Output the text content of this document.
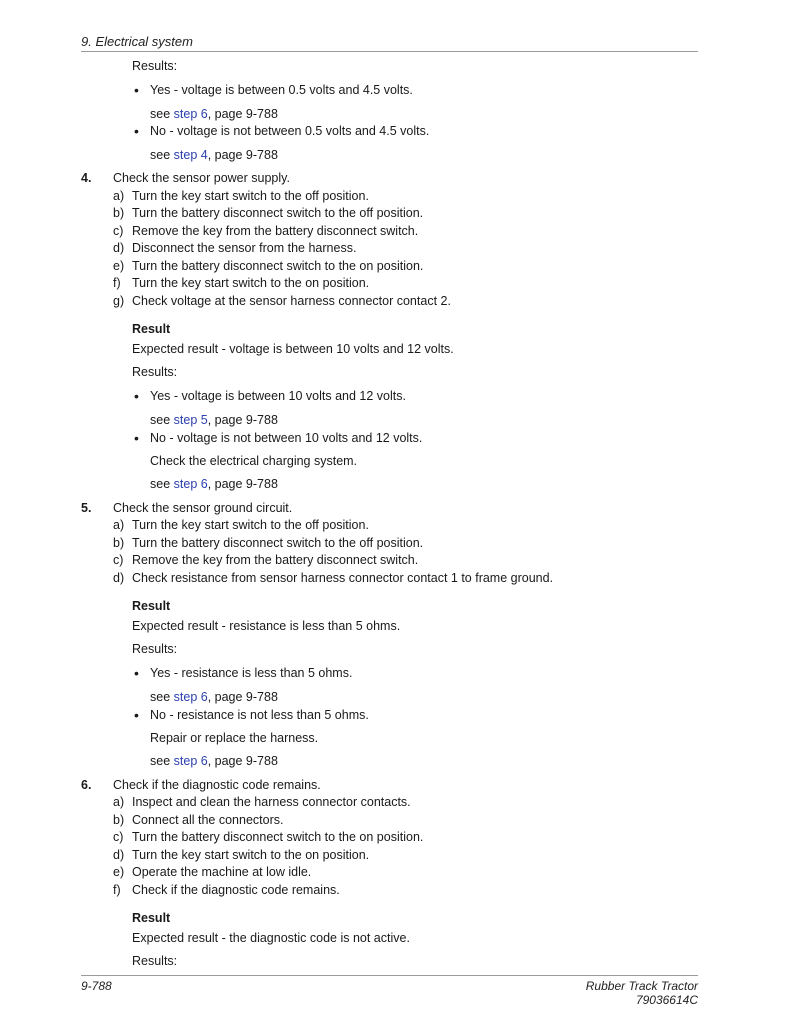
9. Electrical system
Results:
• Yes - voltage is between 0.5 volts and 4.5 volts.
see step 6, page 9-788
• No - voltage is not between 0.5 volts and 4.5 volts.
see step 4, page 9-788
4. Check the sensor power supply.
a) Turn the key start switch to the off position.
b) Turn the battery disconnect switch to the off position.
c) Remove the key from the battery disconnect switch.
d) Disconnect the sensor from the harness.
e) Turn the battery disconnect switch to the on position.
f) Turn the key start switch to the on position.
g) Check voltage at the sensor harness connector contact 2.
Result
Expected result - voltage is between 10 volts and 12 volts.
Results:
• Yes - voltage is between 10 volts and 12 volts.
see step 5, page 9-788
• No - voltage is not between 10 volts and 12 volts.
Check the electrical charging system.
see step 6, page 9-788
5. Check the sensor ground circuit.
a) Turn the key start switch to the off position.
b) Turn the battery disconnect switch to the off position.
c) Remove the key from the battery disconnect switch.
d) Check resistance from sensor harness connector contact 1 to frame ground.
Result
Expected result - resistance is less than 5 ohms.
Results:
• Yes - resistance is less than 5 ohms.
see step 6, page 9-788
• No - resistance is not less than 5 ohms.
Repair or replace the harness.
see step 6, page 9-788
6. Check if the diagnostic code remains.
a) Inspect and clean the harness connector contacts.
b) Connect all the connectors.
c) Turn the battery disconnect switch to the on position.
d) Turn the key start switch to the on position.
e) Operate the machine at low idle.
f) Check if the diagnostic code remains.
Result
Expected result - the diagnostic code is not active.
Results:
9-788	Rubber Track Tractor
79036614C
